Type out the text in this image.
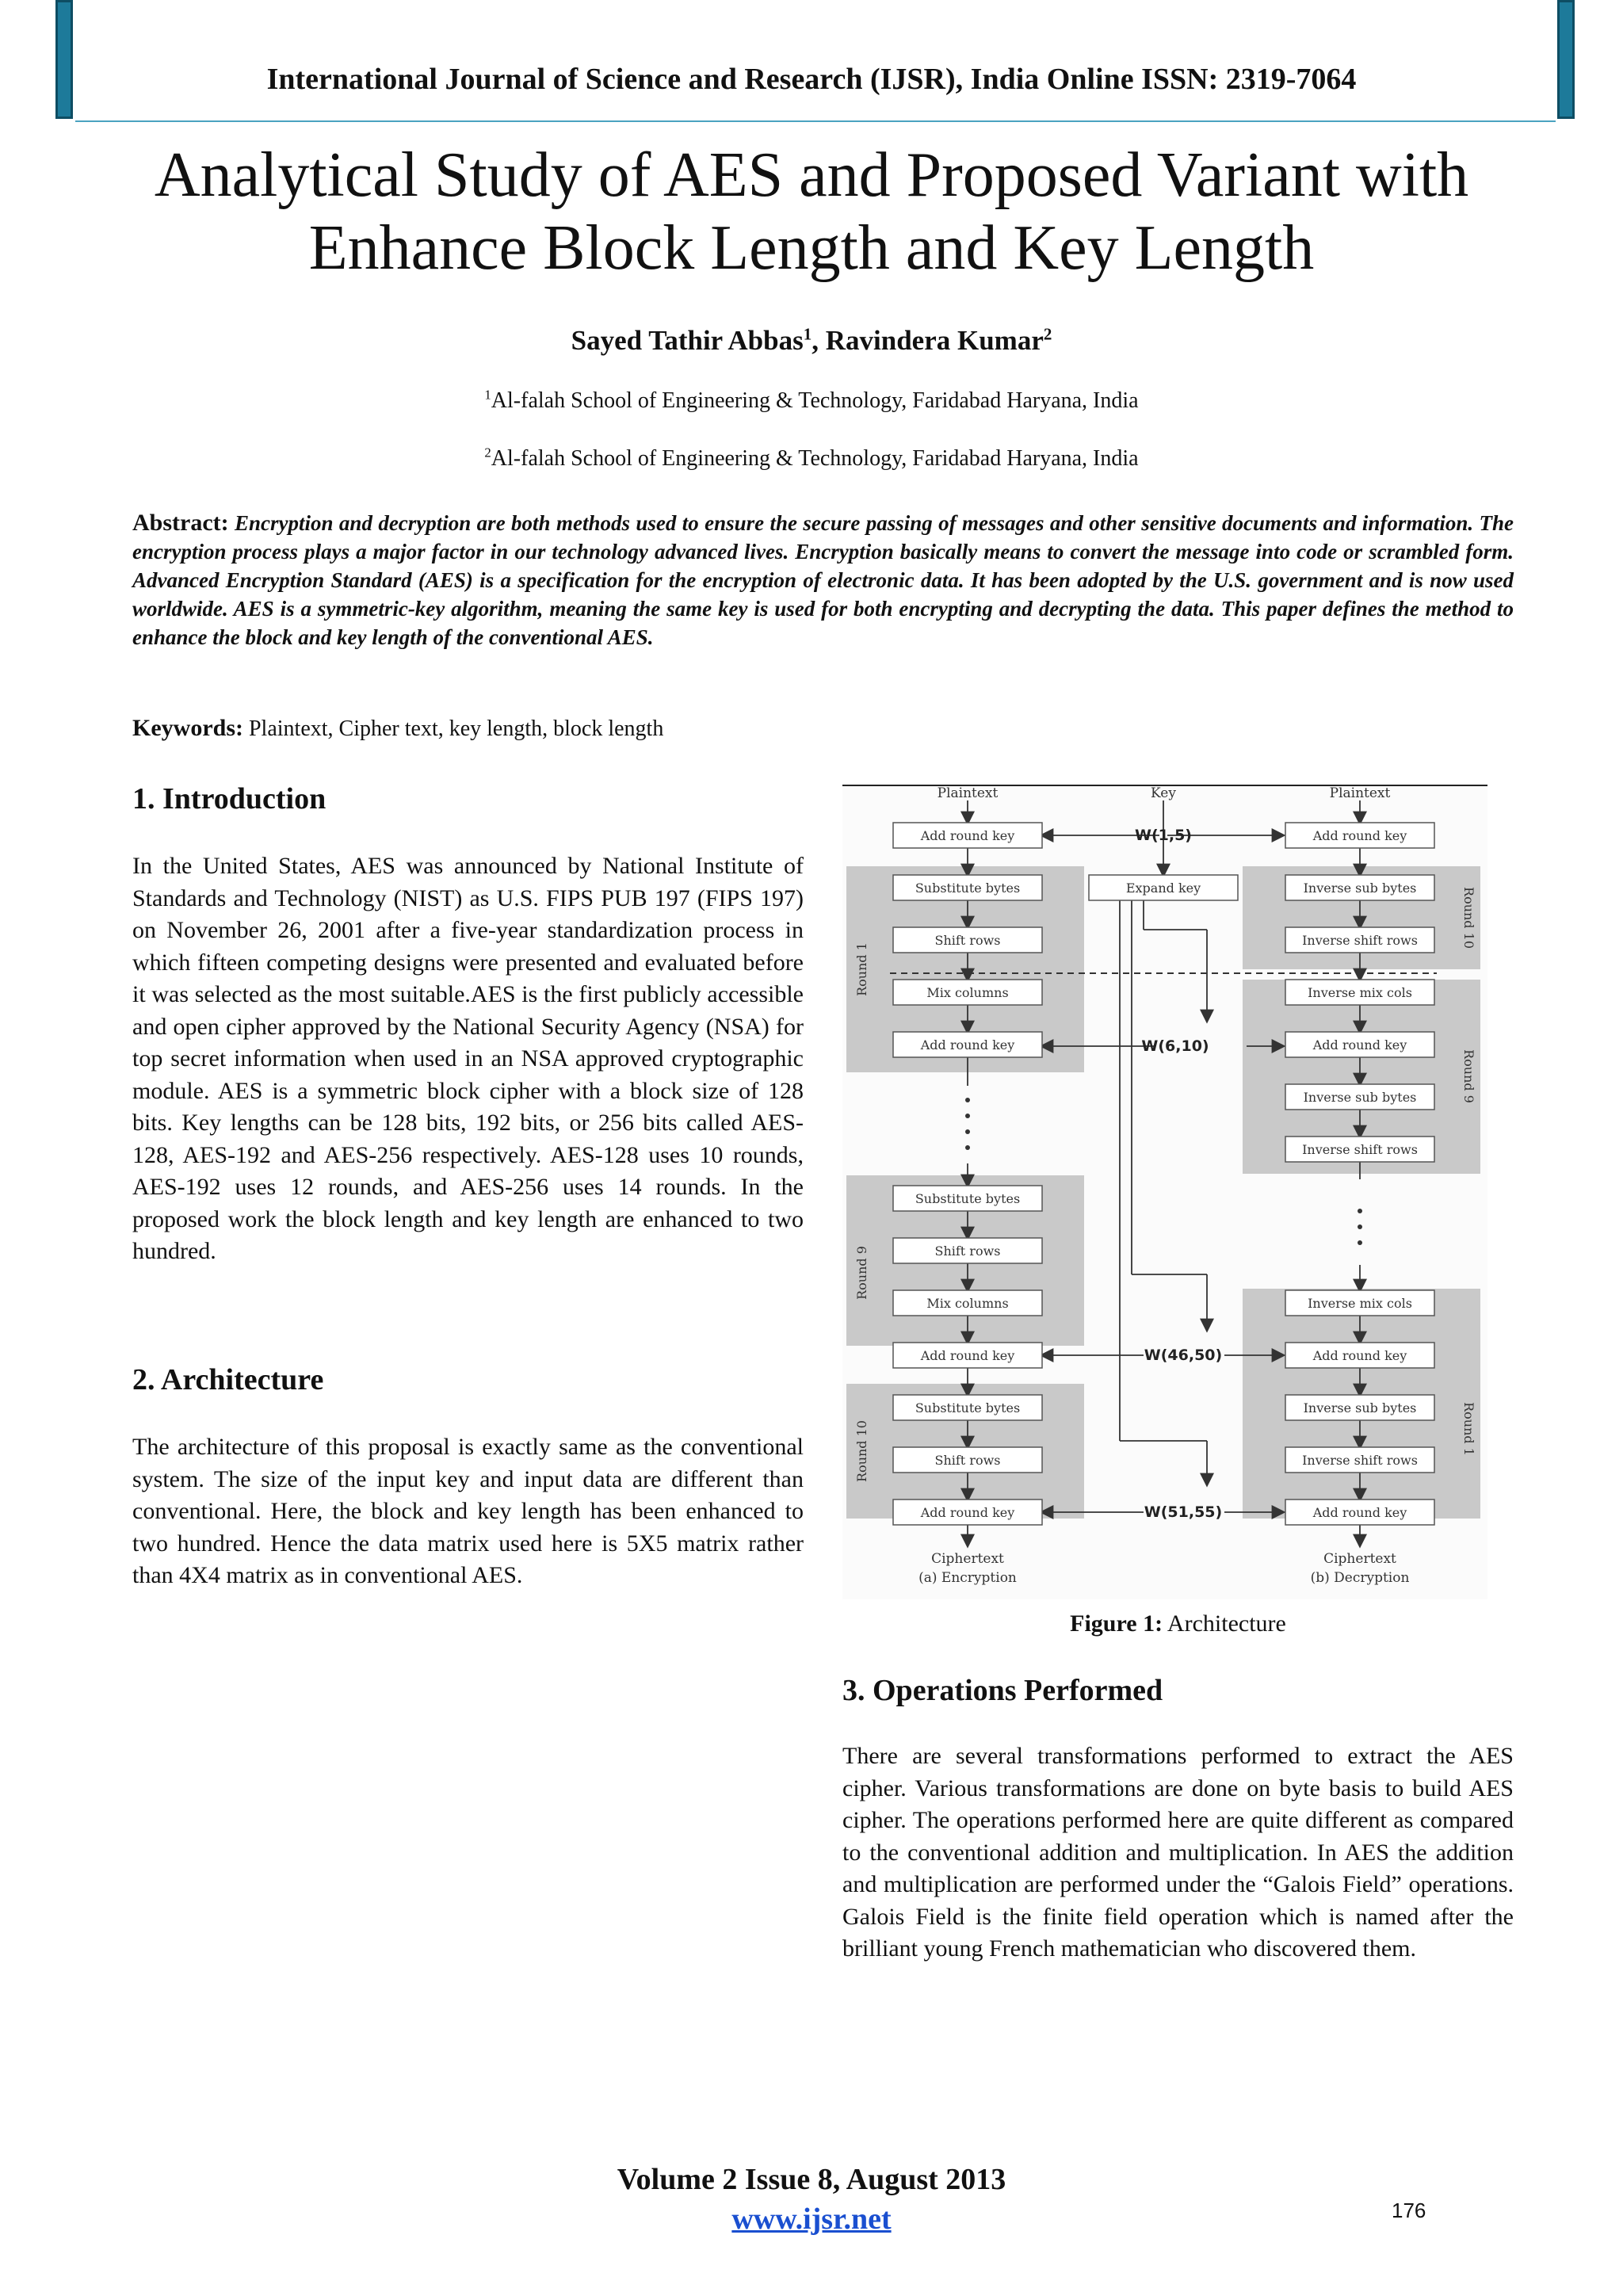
International Journal of Science and Research (IJSR), India Online ISSN: 2319-7064
Analytical Study of AES and Proposed Variant with
Enhance Block Length and Key Length
Sayed Tathir Abbas$^1$, Ravindera Kumar$^2$
$^1$Al-falah School of Engineering & Technology, Faridabad Haryana, India
$^2$Al-falah School of Engineering & Technology, Faridabad Haryana, India
Abstract: Encryption and decryption are both methods used to ensure the secure passing of messages and other sensitive documents and information. The encryption process plays a major factor in our technology advanced lives. Encryption basically means to convert the message into code or scrambled form. Advanced Encryption Standard (AES) is a specification for the encryption of electronic data. It has been adopted by the U.S. government and is now used worldwide. AES is a symmetric-key algorithm, meaning the same key is used for both encrypting and decrypting the data. This paper defines the method to enhance the block and key length of the conventional AES.
Keywords: Plaintext, Cipher text, key length, block length
1. Introduction
In the United States, AES was announced by National Institute of Standards and Technology (NIST) as U.S. FIPS PUB 197 (FIPS 197) on November 26, 2001 after a five-year standardization process in which fifteen competing designs were presented and evaluated before it was selected as the most suitable.AES is the first publicly accessible and open cipher approved by the National Security Agency (NSA) for top secret information when used in an NSA approved cryptographic module. AES is a symmetric block cipher with a block size of 128 bits. Key lengths can be 128 bits, 192 bits, or 256 bits called AES-128, AES-192 and AES-256 respectively. AES-128 uses 10 rounds, AES-192 uses 12 rounds, and AES-256 uses 14 rounds. In the proposed work the block length and key length are enhanced to two hundred.
2. Architecture
The architecture of this proposal is exactly same as the conventional system. The size of the input key and input data are different than conventional. Here, the block and key length has been enhanced to two hundred. Hence the data matrix used here is 5X5 matrix rather than 4X4 matrix as in conventional AES.
Plaintext	Key	Plaintext
Expand key
W(1,5)
W(6,10)
W(46,50)
W(51,55)
Add round key
Substitute bytes
Shift rows
Mix columns
Add round key
Substitute bytes
Shift rows
Mix columns
Add round key
Substitute bytes
Shift rows
Add round key
Add round key
Inverse sub bytes
Inverse shift rows
Inverse mix cols
Add round key
Inverse sub bytes
Inverse shift rows
Inverse mix cols
Add round key
Inverse sub bytes
Inverse shift rows
Add round key
Round 1
Round 9
Round 10
Round 10
Round 9
Round 1
Ciphertext	Ciphertext
(a) Encryption	(b) Decryption
Figure 1: Architecture
3. Operations Performed
There are several transformations performed to extract the AES cipher. Various transformations are done on byte basis to build AES cipher. The operations performed here are quite different as compared to the conventional addition and multiplication. In AES the addition and multiplication are performed under the “Galois Field” operations. Galois Field is the finite field operation which is named after the brilliant young French mathematician who discovered them.
Volume 2 Issue 8, August 2013
www.ijsr.net	176
